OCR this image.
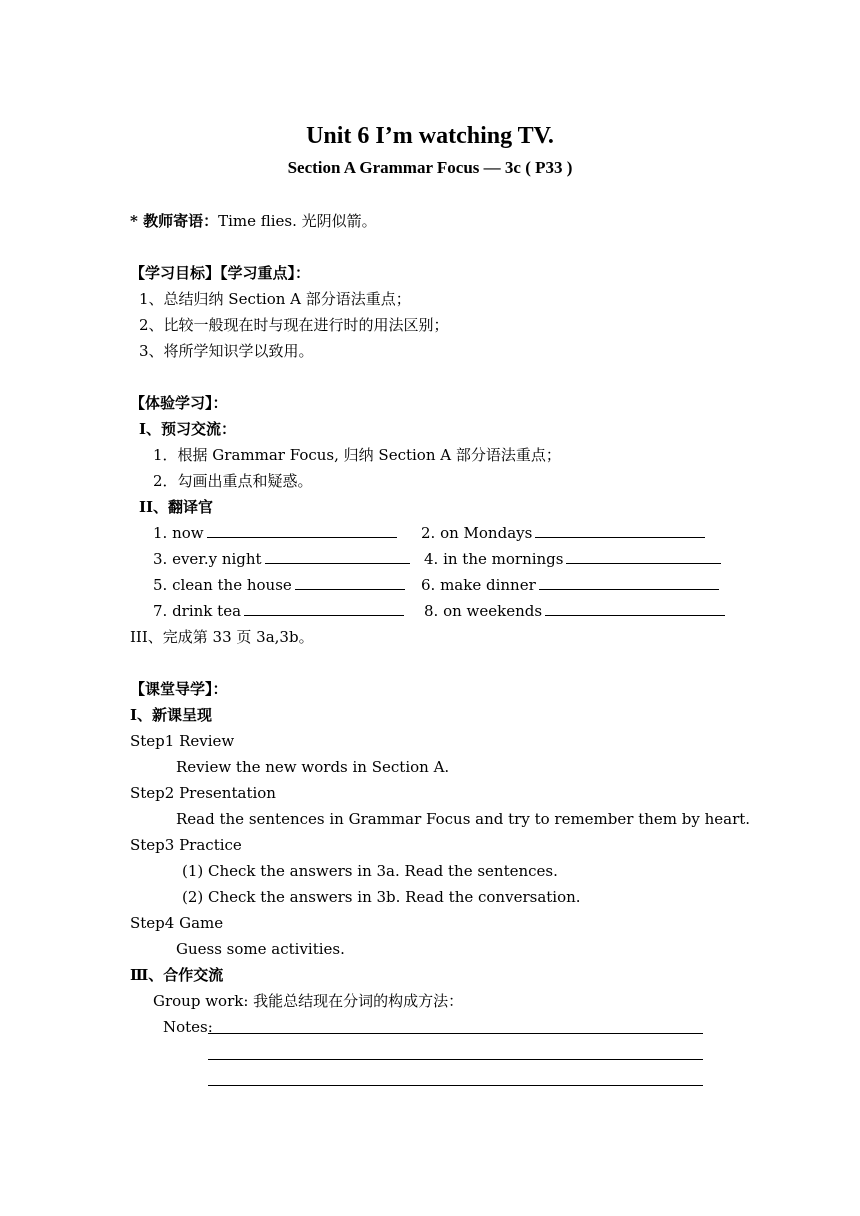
Unit 6 I’m watching TV.
Section A Grammar Focus — 3c ( P33 )
* 教师寄语：Time flies. 光阴似箭。
【学习目标】【学习重点】：
1、总结归纳 Section A 部分语法重点；
2、比较一般现在时与现在进行时的用法区别；
3、将所学知识学以致用。
【体验学习】：
I、预习交流：
1．根据 Grammar Focus, 归纳 Section A 部分语法重点；
2．勾画出重点和疑惑。
II、翻译官
1. now
3. ever.y night
5. clean the house
7. drink tea
2. on Mondays
4. in the mornings
6. make dinner
8. on weekends
III、完成第 33 页 3a,3b。
【课堂导学】：
I、新课呈现
Step1 Review
Review the new words in Section A.
Step2 Presentation
Read the sentences in Grammar Focus and try to remember them by heart.
Step3 Practice
(1) Check the answers in 3a. Read the sentences.
(2) Check the answers in 3b. Read the conversation.
Step4 Game
Guess some activities.
Ⅲ、合作交流
Group work: 我能总结现在分词的构成方法：
Notes:
